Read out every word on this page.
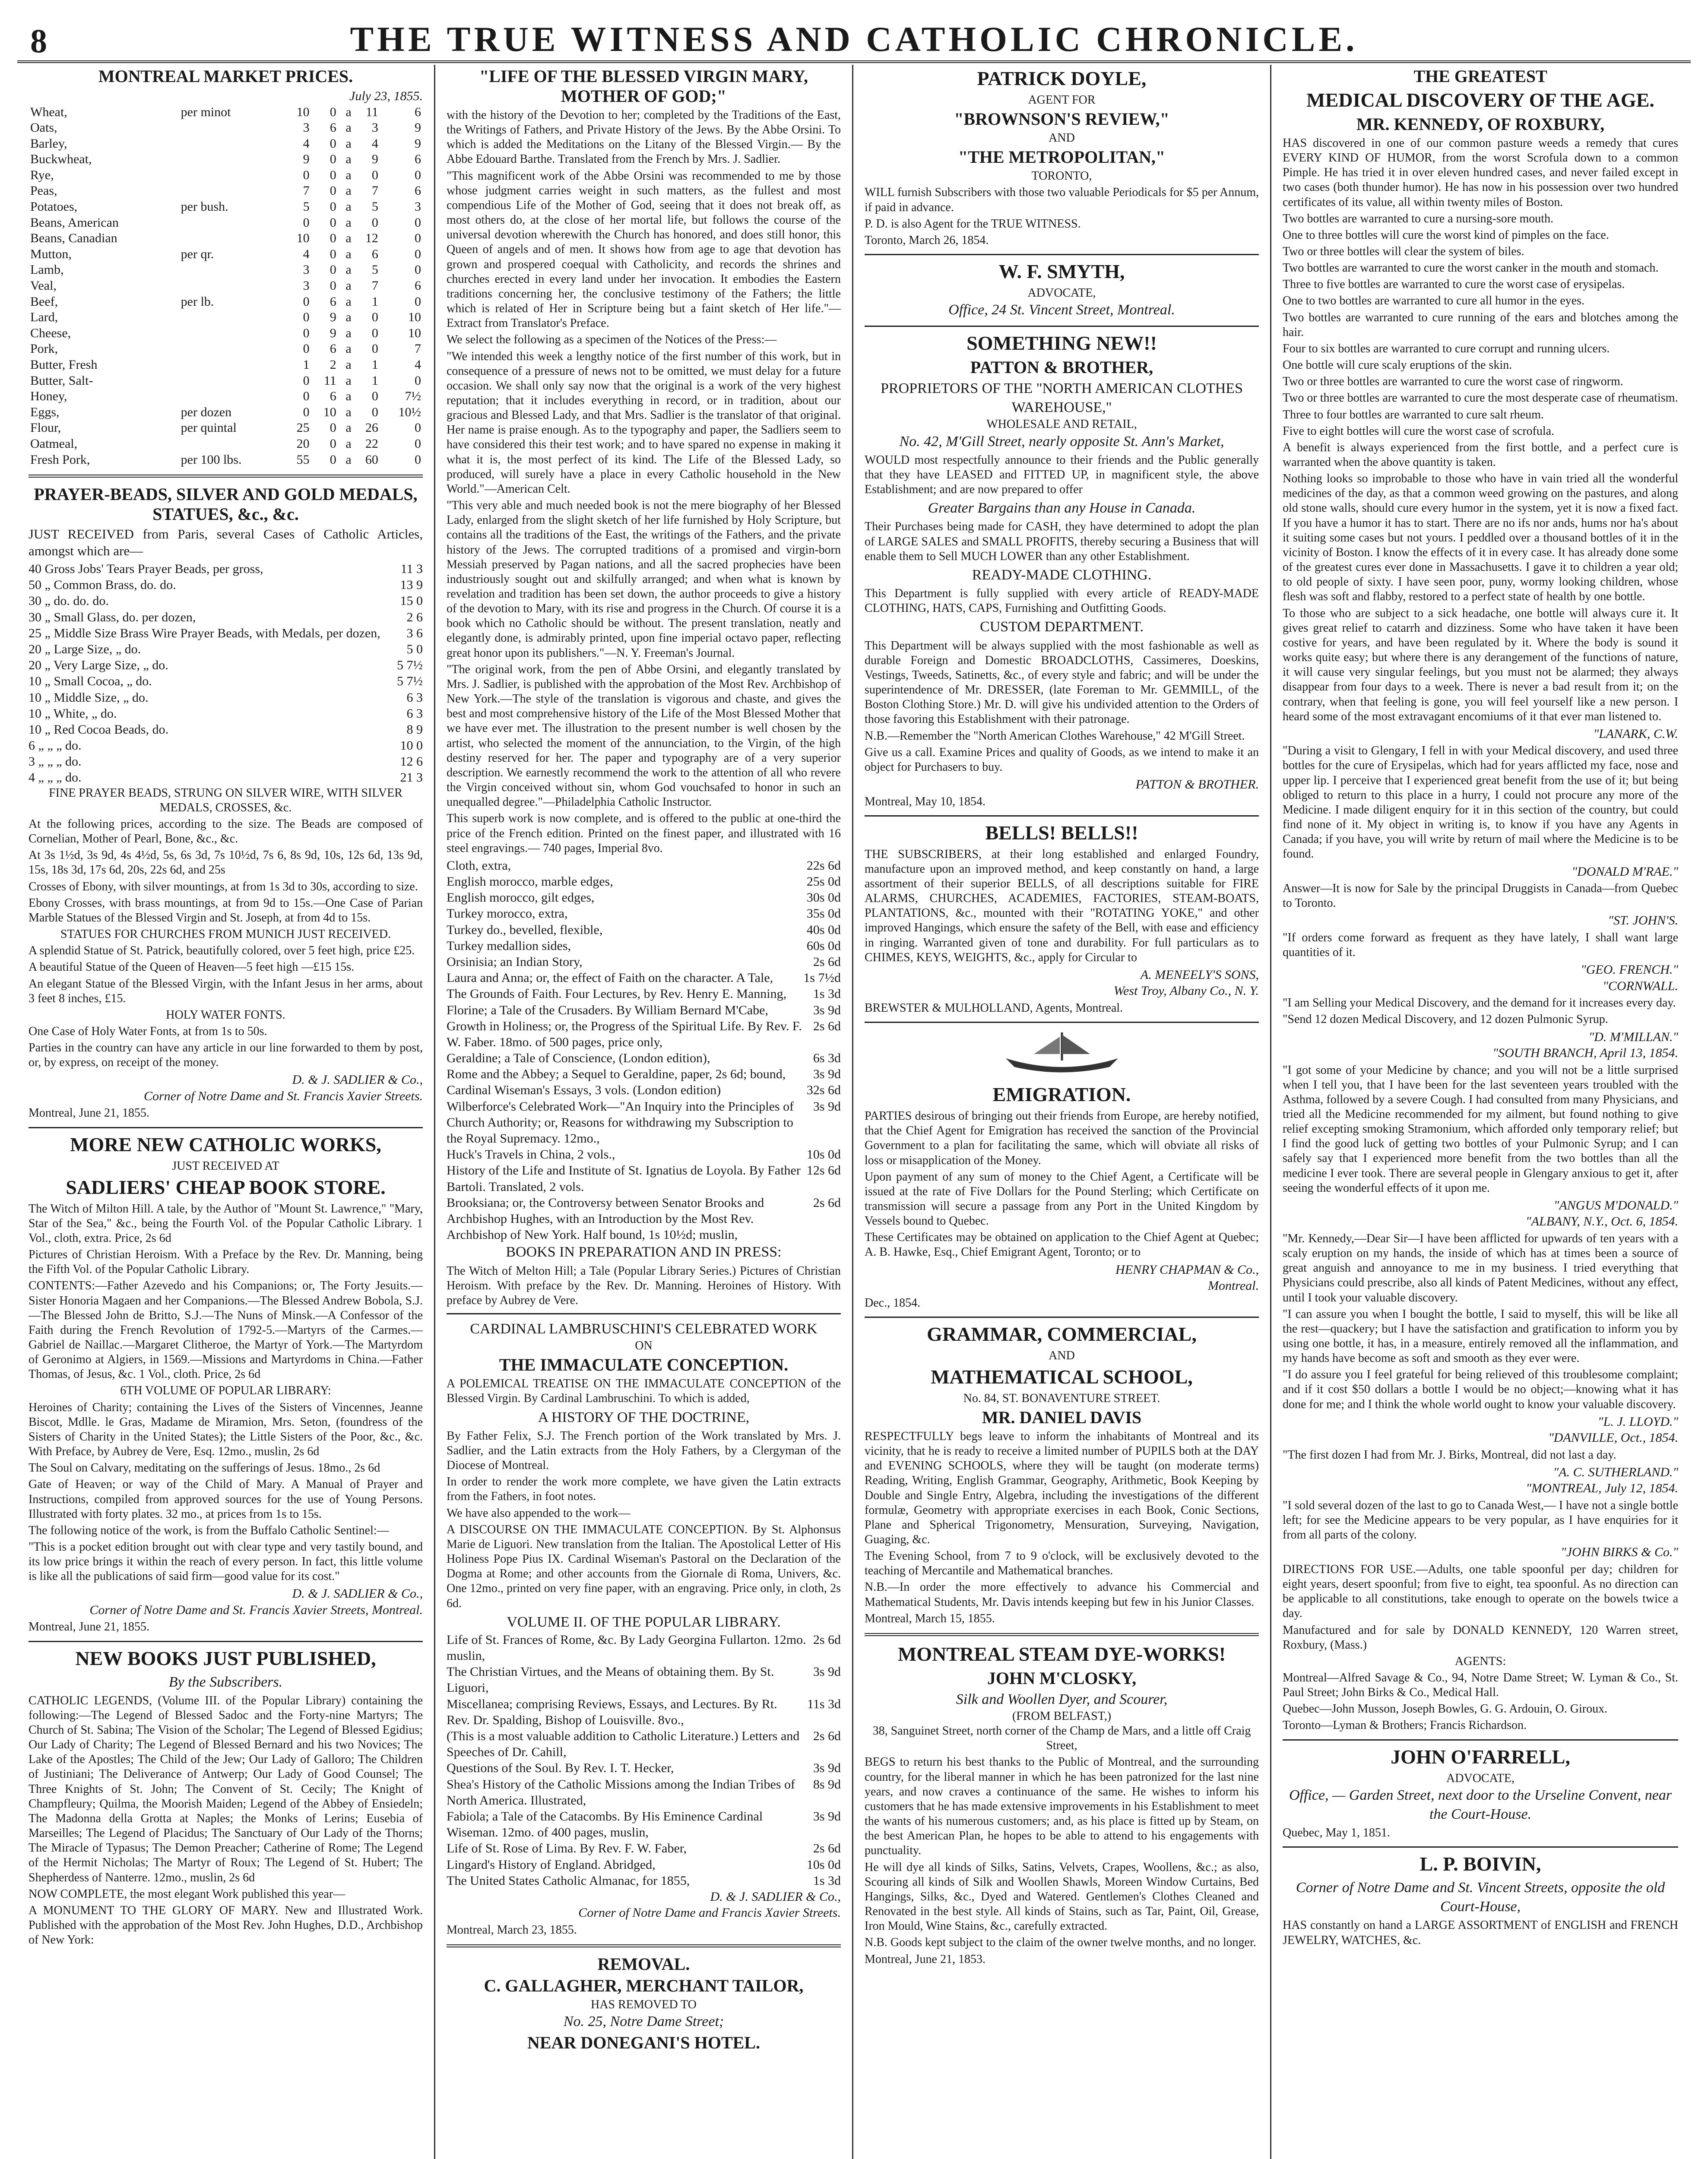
8	THE TRUE WITNESS AND CATHOLIC CHRONICLE.
MONTREAL MARKET PRICES.
July 23, 1855.
Wheat,	per minot	10	0	a	11	6
Oats,		3	6	a	3	9
Barley,		4	0	a	4	9
Buckwheat,		9	0	a	9	6
Rye,		0	0	a	0	0
Peas,		7	0	a	7	6
Potatoes,	per bush.	5	0	a	5	3
Beans, American		0	0	a	0	0
Beans, Canadian		10	0	a	12	0
Mutton,	per qr.	4	0	a	6	0
Lamb,		3	0	a	5	0
Veal,		3	0	a	7	6
Beef,	per lb.	0	6	a	1	0
Lard,		0	9	a	0	10
Cheese,		0	9	a	0	10
Pork,		0	6	a	0	7
Butter, Fresh		1	2	a	1	4
Butter, Salt-		0	11	a	1	0
Honey,		0	6	a	0	7½
Eggs,	per dozen	0	10	a	0	10½
Flour,	per quintal	25	0	a	26	0
Oatmeal,		20	0	a	22	0
Fresh Pork,	per 100 lbs.	55	0	a	60	0
PRAYER-BEADS, SILVER AND GOLD MEDALS, STATUES, &c., &c.
JUST RECEIVED from Paris, several Cases of Catholic Articles, amongst which are—
40 Gross Jobs' Tears Prayer Beads, per gross,	11 3
50 „ Common Brass, do. do.	13 9
30 „ do. do. do.	15 0
30 „ Small Glass, do. per dozen,	2 6
25 „ Middle Size Brass Wire Prayer Beads, with Medals, per dozen,	3 6
20 „ Large Size, „ do.	5 0
20 „ Very Large Size, „ do.	5 7½
10 „ Small Cocoa, „ do.	5 7½
10 „ Middle Size, „ do.	6 3
10 „ White, „ do.	6 3
10 „ Red Cocoa Beads, do.	8 9
6 „ „ „ do.	10 0
3 „ „ „ do.	12 6
4 „ „ „ do.	21 3
FINE PRAYER BEADS, STRUNG ON SILVER WIRE, WITH SILVER MEDALS, CROSSES, &c.
At the following prices, according to the size. The Beads are composed of Cornelian, Mother of Pearl, Bone, &c., &c.
At 3s 1½d, 3s 9d, 4s 4½d, 5s, 6s 3d, 7s 10½d, 7s 6, 8s 9d, 10s, 12s 6d, 13s 9d, 15s, 18s 3d, 17s 6d, 20s, 22s 6d, and 25s
Crosses of Ebony, with silver mountings, at from 1s 3d to 30s, according to size.
Ebony Crosses, with brass mountings, at from 9d to 15s.—One Case of Parian Marble Statues of the Blessed Virgin and St. Joseph, at from 4d to 15s.
STATUES FOR CHURCHES FROM MUNICH JUST RECEIVED.
A splendid Statue of St. Patrick, beautifully colored, over 5 feet high, price £25.
A beautiful Statue of the Queen of Heaven—5 feet high —£15 15s.
An elegant Statue of the Blessed Virgin, with the Infant Jesus in her arms, about 3 feet 8 inches, £15.
HOLY WATER FONTS.
One Case of Holy Water Fonts, at from 1s to 50s.
Parties in the country can have any article in our line forwarded to them by post, or, by express, on receipt of the money.
D. & J. SADLIER & Co.,
Corner of Notre Dame and St. Francis Xavier Streets.
Montreal, June 21, 1855.
MORE NEW CATHOLIC WORKS,
JUST RECEIVED AT
SADLIERS' CHEAP BOOK STORE.
The Witch of Milton Hill. A tale, by the Author of "Mount St. Lawrence," "Mary, Star of the Sea," &c., being the Fourth Vol. of the Popular Catholic Library. 1 Vol., cloth, extra. Price, 2s 6d
Pictures of Christian Heroism. With a Preface by the Rev. Dr. Manning, being the Fifth Vol. of the Popular Catholic Library.
CONTENTS:—Father Azevedo and his Companions; or, The Forty Jesuits.—Sister Honoria Magaen and her Companions.—The Blessed Andrew Bobola, S.J.—The Blessed John de Britto, S.J.—The Nuns of Minsk.—A Confessor of the Faith during the French Revolution of 1792-5.—Martyrs of the Carmes.—Gabriel de Naillac.—Margaret Clitheroe, the Martyr of York.—The Martyrdom of Geronimo at Algiers, in 1569.—Missions and Martyrdoms in China.—Father Thomas, of Jesus, &c. 1 Vol., cloth. Price, 2s 6d
6TH VOLUME OF POPULAR LIBRARY:
Heroines of Charity; containing the Lives of the Sisters of Vincennes, Jeanne Biscot, Mdlle. le Gras, Madame de Miramion, Mrs. Seton, (foundress of the Sisters of Charity in the United States); the Little Sisters of the Poor, &c., &c. With Preface, by Aubrey de Vere, Esq. 12mo., muslin, 2s 6d
The Soul on Calvary, meditating on the sufferings of Jesus. 18mo., 2s 6d
Gate of Heaven; or way of the Child of Mary. A Manual of Prayer and Instructions, compiled from approved sources for the use of Young Persons. Illustrated with forty plates. 32 mo., at prices from 1s to 15s.
The following notice of the work, is from the Buffalo Catholic Sentinel:—
"This is a pocket edition brought out with clear type and very tastily bound, and its low price brings it within the reach of every person. In fact, this little volume is like all the publications of said firm—good value for its cost."
D. & J. SADLIER & Co.,
Corner of Notre Dame and St. Francis Xavier Streets, Montreal.
Montreal, June 21, 1855.
NEW BOOKS JUST PUBLISHED,
By the Subscribers.
CATHOLIC LEGENDS, (Volume III. of the Popular Library) containing the following:—The Legend of Blessed Sadoc and the Forty-nine Martyrs; The Church of St. Sabina; The Vision of the Scholar; The Legend of Blessed Egidius; Our Lady of Charity; The Legend of Blessed Bernard and his two Novices; The Lake of the Apostles; The Child of the Jew; Our Lady of Galloro; The Children of Justiniani; The Deliverance of Antwerp; Our Lady of Good Counsel; The Three Knights of St. John; The Convent of St. Cecily; The Knight of Champfleury; Quilma, the Moorish Maiden; Legend of the Abbey of Ensiedeln; The Madonna della Grotta at Naples; the Monks of Lerins; Eusebia of Marseilles; The Legend of Placidus; The Sanctuary of Our Lady of the Thorns; The Miracle of Typasus; The Demon Preacher; Catherine of Rome; The Legend of the Hermit Nicholas; The Martyr of Roux; The Legend of St. Hubert; The Shepherdess of Nanterre. 12mo., muslin, 2s 6d
NOW COMPLETE, the most elegant Work published this year—
A MONUMENT TO THE GLORY OF MARY. New and Illustrated Work. Published with the approbation of the Most Rev. John Hughes, D.D., Archbishop of New York:
"LIFE OF THE BLESSED VIRGIN MARY, MOTHER OF GOD;"
with the history of the Devotion to her; completed by the Traditions of the East, the Writings of Fathers, and Private History of the Jews. By the Abbe Orsini. To which is added the Meditations on the Litany of the Blessed Virgin.— By the Abbe Edouard Barthe. Translated from the French by Mrs. J. Sadlier.
"This magnificent work of the Abbe Orsini was recommended to me by those whose judgment carries weight in such matters, as the fullest and most compendious Life of the Mother of God, seeing that it does not break off, as most others do, at the close of her mortal life, but follows the course of the universal devotion wherewith the Church has honored, and does still honor, this Queen of angels and of men. It shows how from age to age that devotion has grown and prospered coequal with Catholicity, and records the shrines and churches erected in every land under her invocation. It embodies the Eastern traditions concerning her, the conclusive testimony of the Fathers; the little which is related of Her in Scripture being but a faint sketch of Her life."—Extract from Translator's Preface.
We select the following as a specimen of the Notices of the Press:—
"We intended this week a lengthy notice of the first number of this work, but in consequence of a pressure of news not to be omitted, we must delay for a future occasion. We shall only say now that the original is a work of the very highest reputation; that it includes everything in record, or in tradition, about our gracious and Blessed Lady, and that Mrs. Sadlier is the translator of that original. Her name is praise enough. As to the typography and paper, the Sadliers seem to have considered this their test work; and to have spared no expense in making it what it is, the most perfect of its kind. The Life of the Blessed Lady, so produced, will surely have a place in every Catholic household in the New World."—American Celt.
"This very able and much needed book is not the mere biography of her Blessed Lady, enlarged from the slight sketch of her life furnished by Holy Scripture, but contains all the traditions of the East, the writings of the Fathers, and the private history of the Jews. The corrupted traditions of a promised and virgin-born Messiah preserved by Pagan nations, and all the sacred prophecies have been industriously sought out and skilfully arranged; and when what is known by revelation and tradition has been set down, the author proceeds to give a history of the devotion to Mary, with its rise and progress in the Church. Of course it is a book which no Catholic should be without. The present translation, neatly and elegantly done, is admirably printed, upon fine imperial octavo paper, reflecting great honor upon its publishers."—N. Y. Freeman's Journal.
"The original work, from the pen of Abbe Orsini, and elegantly translated by Mrs. J. Sadlier, is published with the approbation of the Most Rev. Archbishop of New York.—The style of the translation is vigorous and chaste, and gives the best and most comprehensive history of the Life of the Most Blessed Mother that we have ever met. The illustration to the present number is well chosen by the artist, who selected the moment of the annunciation, to the Virgin, of the high destiny reserved for her. The paper and typography are of a very superior description. We earnestly recommend the work to the attention of all who revere the Virgin conceived without sin, whom God vouchsafed to honor in such an unequalled degree."—Philadelphia Catholic Instructor.
This superb work is now complete, and is offered to the public at one-third the price of the French edition. Printed on the finest paper, and illustrated with 16 steel engravings.— 740 pages, Imperial 8vo.
Cloth, extra,	22s 6d
English morocco, marble edges,	25s 0d
English morocco, gilt edges,	30s 0d
Turkey morocco, extra,	35s 0d
Turkey do., bevelled, flexible,	40s 0d
Turkey medallion sides,	60s 0d
Orsinisia; an Indian Story,	2s 6d
Laura and Anna; or, the effect of Faith on the character. A Tale,	1s 7½d
The Grounds of Faith. Four Lectures, by Rev. Henry E. Manning,	1s 3d
Florine; a Tale of the Crusaders. By William Bernard M'Cabe,	3s 9d
Growth in Holiness; or, the Progress of the Spiritual Life. By Rev. F. W. Faber. 18mo. of 500 pages, price only,
2s 6d
Geraldine; a Tale of Conscience, (London edition),	6s 3d
Rome and the Abbey; a Sequel to Geraldine, paper, 2s 6d; bound,	3s 9d
Cardinal Wiseman's Essays, 3 vols. (London edition)	32s 6d
Wilberforce's Celebrated Work—"An Inquiry into the Principles of Church Authority; or, Reasons for withdrawing my Subscription to the Royal Supremacy. 12mo.,
3s 9d
Huck's Travels in China, 2 vols.,	10s 0d
History of the Life and Institute of St. Ignatius de Loyola. By Father Bartoli. Translated, 2 vols.
12s 6d
Brooksiana; or, the Controversy between Senator Brooks and Archbishop Hughes, with an Introduction by the Most Rev. Archbishop of New York. Half bound, 1s 10½d; muslin,
2s 6d
BOOKS IN PREPARATION AND IN PRESS:
The Witch of Melton Hill; a Tale (Popular Library Series.) Pictures of Christian Heroism. With preface by the Rev. Dr. Manning. Heroines of History. With preface by Aubrey de Vere.
CARDINAL LAMBRUSCHINI'S CELEBRATED WORK
ON
THE IMMACULATE CONCEPTION.
A POLEMICAL TREATISE ON THE IMMACULATE CONCEPTION of the Blessed Virgin. By Cardinal Lambruschini. To which is added,
A HISTORY OF THE DOCTRINE,
By Father Felix, S.J. The French portion of the Work translated by Mrs. J. Sadlier, and the Latin extracts from the Holy Fathers, by a Clergyman of the Diocese of Montreal.
In order to render the work more complete, we have given the Latin extracts from the Fathers, in foot notes.
We have also appended to the work—
A DISCOURSE ON THE IMMACULATE CONCEPTION. By St. Alphonsus Marie de Liguori. New translation from the Italian. The Apostolical Letter of His Holiness Pope Pius IX. Cardinal Wiseman's Pastoral on the Declaration of the Dogma at Rome; and other accounts from the Giornale di Roma, Univers, &c. One 12mo., printed on very fine paper, with an engraving. Price only, in cloth, 2s 6d.
VOLUME II. OF THE POPULAR LIBRARY.
Life of St. Frances of Rome, &c. By Lady Georgina Fullarton. 12mo. muslin,
2s 6d
The Christian Virtues, and the Means of obtaining them. By St. Liguori,
3s 9d
Miscellanea; comprising Reviews, Essays, and Lectures. By Rt. Rev. Dr. Spalding, Bishop of Louisville. 8vo.,
11s 3d
(This is a most valuable addition to Catholic Literature.) Letters and Speeches of Dr. Cahill,
2s 6d
Questions of the Soul. By Rev. I. T. Hecker,	3s 9d
Shea's History of the Catholic Missions among the Indian Tribes of North America. Illustrated,
8s 9d
Fabiola; a Tale of the Catacombs. By His Eminence Cardinal Wiseman. 12mo. of 400 pages, muslin,
3s 9d
Life of St. Rose of Lima. By Rev. F. W. Faber,	2s 6d
Lingard's History of England. Abridged,	10s 0d
The United States Catholic Almanac, for 1855,	1s 3d
D. & J. SADLIER & Co.,
Corner of Notre Dame and Francis Xavier Streets.
Montreal, March 23, 1855.
REMOVAL.
C. GALLAGHER, MERCHANT TAILOR,
HAS REMOVED TO
No. 25, Notre Dame Street;
NEAR DONEGANI'S HOTEL.
PATRICK DOYLE,
AGENT FOR
"BROWNSON'S REVIEW,"
AND
"THE METROPOLITAN,"
TORONTO,
WILL furnish Subscribers with those two valuable Periodicals for $5 per Annum, if paid in advance.
P. D. is also Agent for the TRUE WITNESS.
Toronto, March 26, 1854.
W. F. SMYTH,
ADVOCATE,
Office, 24 St. Vincent Street, Montreal.
SOMETHING NEW!!
PATTON & BROTHER,
PROPRIETORS OF THE "NORTH AMERICAN CLOTHES WAREHOUSE,"
WHOLESALE AND RETAIL,
No. 42, M'Gill Street, nearly opposite St. Ann's Market,
WOULD most respectfully announce to their friends and the Public generally that they have LEASED and FITTED UP, in magnificent style, the above Establishment; and are now prepared to offer
Greater Bargains than any House in Canada.
Their Purchases being made for CASH, they have determined to adopt the plan of LARGE SALES and SMALL PROFITS, thereby securing a Business that will enable them to Sell MUCH LOWER than any other Establishment.
READY-MADE CLOTHING.
This Department is fully supplied with every article of READY-MADE CLOTHING, HATS, CAPS, Furnishing and Outfitting Goods.
CUSTOM DEPARTMENT.
This Department will be always supplied with the most fashionable as well as durable Foreign and Domestic BROADCLOTHS, Cassimeres, Doeskins, Vestings, Tweeds, Satinetts, &c., of every style and fabric; and will be under the superintendence of Mr. DRESSER, (late Foreman to Mr. GEMMILL, of the Boston Clothing Store.) Mr. D. will give his undivided attention to the Orders of those favoring this Establishment with their patronage.
N.B.—Remember the "North American Clothes Warehouse," 42 M'Gill Street.
Give us a call. Examine Prices and quality of Goods, as we intend to make it an object for Purchasers to buy.
PATTON & BROTHER.
Montreal, May 10, 1854.
BELLS! BELLS!!
THE SUBSCRIBERS, at their long established and enlarged Foundry, manufacture upon an improved method, and keep constantly on hand, a large assortment of their superior BELLS, of all descriptions suitable for FIRE ALARMS, CHURCHES, ACADEMIES, FACTORIES, STEAM-BOATS, PLANTATIONS, &c., mounted with their "ROTATING YOKE," and other improved Hangings, which ensure the safety of the Bell, with ease and efficiency in ringing. Warranted given of tone and durability. For full particulars as to CHIMES, KEYS, WEIGHTS, &c., apply for Circular to
A. MENEELY'S SONS,
West Troy, Albany Co., N. Y.
BREWSTER & MULHOLLAND, Agents, Montreal.
EMIGRATION.
PARTIES desirous of bringing out their friends from Europe, are hereby notified, that the Chief Agent for Emigration has received the sanction of the Provincial Government to a plan for facilitating the same, which will obviate all risks of loss or misapplication of the Money.
Upon payment of any sum of money to the Chief Agent, a Certificate will be issued at the rate of Five Dollars for the Pound Sterling; which Certificate on transmission will secure a passage from any Port in the United Kingdom by Vessels bound to Quebec.
These Certificates may be obtained on application to the Chief Agent at Quebec; A. B. Hawke, Esq., Chief Emigrant Agent, Toronto; or to
HENRY CHAPMAN & Co.,
Montreal.
Dec., 1854.
GRAMMAR, COMMERCIAL,
AND
MATHEMATICAL SCHOOL,
No. 84, ST. BONAVENTURE STREET.
MR. DANIEL DAVIS
RESPECTFULLY begs leave to inform the inhabitants of Montreal and its vicinity, that he is ready to receive a limited number of PUPILS both at the DAY and EVENING SCHOOLS, where they will be taught (on moderate terms) Reading, Writing, English Grammar, Geography, Arithmetic, Book Keeping by Double and Single Entry, Algebra, including the investigations of the different formulæ, Geometry with appropriate exercises in each Book, Conic Sections, Plane and Spherical Trigonometry, Mensuration, Surveying, Navigation, Guaging, &c.
The Evening School, from 7 to 9 o'clock, will be exclusively devoted to the teaching of Mercantile and Mathematical branches.
N.B.—In order the more effectively to advance his Commercial and Mathematical Students, Mr. Davis intends keeping but few in his Junior Classes.
Montreal, March 15, 1855.
MONTREAL STEAM DYE-WORKS!
JOHN M'CLOSKY,
Silk and Woollen Dyer, and Scourer,
(FROM BELFAST,)
38, Sanguinet Street, north corner of the Champ de Mars, and a little off Craig Street,
BEGS to return his best thanks to the Public of Montreal, and the surrounding country, for the liberal manner in which he has been patronized for the last nine years, and now craves a continuance of the same. He wishes to inform his customers that he has made extensive improvements in his Establishment to meet the wants of his numerous customers; and, as his place is fitted up by Steam, on the best American Plan, he hopes to be able to attend to his engagements with punctuality.
He will dye all kinds of Silks, Satins, Velvets, Crapes, Woollens, &c.; as also, Scouring all kinds of Silk and Woollen Shawls, Moreen Window Curtains, Bed Hangings, Silks, &c., Dyed and Watered. Gentlemen's Clothes Cleaned and Renovated in the best style. All kinds of Stains, such as Tar, Paint, Oil, Grease, Iron Mould, Wine Stains, &c., carefully extracted.
N.B. Goods kept subject to the claim of the owner twelve months, and no longer.
Montreal, June 21, 1853.
THE GREATEST
MEDICAL DISCOVERY OF THE AGE.
MR. KENNEDY, OF ROXBURY,
HAS discovered in one of our common pasture weeds a remedy that cures EVERY KIND OF HUMOR, from the worst Scrofula down to a common Pimple. He has tried it in over eleven hundred cases, and never failed except in two cases (both thunder humor). He has now in his possession over two hundred certificates of its value, all within twenty miles of Boston.
Two bottles are warranted to cure a nursing-sore mouth.
One to three bottles will cure the worst kind of pimples on the face.
Two or three bottles will clear the system of biles.
Two bottles are warranted to cure the worst canker in the mouth and stomach.
Three to five bottles are warranted to cure the worst case of erysipelas.
One to two bottles are warranted to cure all humor in the eyes.
Two bottles are warranted to cure running of the ears and blotches among the hair.
Four to six bottles are warranted to cure corrupt and running ulcers.
One bottle will cure scaly eruptions of the skin.
Two or three bottles are warranted to cure the worst case of ringworm.
Two or three bottles are warranted to cure the most desperate case of rheumatism.
Three to four bottles are warranted to cure salt rheum.
Five to eight bottles will cure the worst case of scrofula.
A benefit is always experienced from the first bottle, and a perfect cure is warranted when the above quantity is taken.
Nothing looks so improbable to those who have in vain tried all the wonderful medicines of the day, as that a common weed growing on the pastures, and along old stone walls, should cure every humor in the system, yet it is now a fixed fact. If you have a humor it has to start. There are no ifs nor ands, hums nor ha's about it suiting some cases but not yours. I peddled over a thousand bottles of it in the vicinity of Boston. I know the effects of it in every case. It has already done some of the greatest cures ever done in Massachusetts. I gave it to children a year old; to old people of sixty. I have seen poor, puny, wormy looking children, whose flesh was soft and flabby, restored to a perfect state of health by one bottle.
To those who are subject to a sick headache, one bottle will always cure it. It gives great relief to catarrh and dizziness. Some who have taken it have been costive for years, and have been regulated by it. Where the body is sound it works quite easy; but where there is any derangement of the functions of nature, it will cause very singular feelings, but you must not be alarmed; they always disappear from four days to a week. There is never a bad result from it; on the contrary, when that feeling is gone, you will feel yourself like a new person. I heard some of the most extravagant encomiums of it that ever man listened to.
"LANARK, C.W.
"During a visit to Glengary, I fell in with your Medical discovery, and used three bottles for the cure of Erysipelas, which had for years afflicted my face, nose and upper lip. I perceive that I experienced great benefit from the use of it; but being obliged to return to this place in a hurry, I could not procure any more of the Medicine. I made diligent enquiry for it in this section of the country, but could find none of it. My object in writing is, to know if you have any Agents in Canada; if you have, you will write by return of mail where the Medicine is to be found.
"DONALD M'RAE."
Answer—It is now for Sale by the principal Druggists in Canada—from Quebec to Toronto.
"ST. JOHN'S.
"If orders come forward as frequent as they have lately, I shall want large quantities of it.
"GEO. FRENCH."
"CORNWALL.
"I am Selling your Medical Discovery, and the demand for it increases every day.
"Send 12 dozen Medical Discovery, and 12 dozen Pulmonic Syrup.
"D. M'MILLAN."
"SOUTH BRANCH, April 13, 1854.
"I got some of your Medicine by chance; and you will not be a little surprised when I tell you, that I have been for the last seventeen years troubled with the Asthma, followed by a severe Cough. I had consulted from many Physicians, and tried all the Medicine recommended for my ailment, but found nothing to give relief excepting smoking Stramonium, which afforded only temporary relief; but I find the good luck of getting two bottles of your Pulmonic Syrup; and I can safely say that I experienced more benefit from the two bottles than all the medicine I ever took. There are several people in Glengary anxious to get it, after seeing the wonderful effects of it upon me.
"ANGUS M'DONALD."
"ALBANY, N.Y., Oct. 6, 1854.
"Mr. Kennedy,—Dear Sir—I have been afflicted for upwards of ten years with a scaly eruption on my hands, the inside of which has at times been a source of great anguish and annoyance to me in my business. I tried everything that Physicians could prescribe, also all kinds of Patent Medicines, without any effect, until I took your valuable discovery.
"I can assure you when I bought the bottle, I said to myself, this will be like all the rest—quackery; but I have the satisfaction and gratification to inform you by using one bottle, it has, in a measure, entirely removed all the inflammation, and my hands have become as soft and smooth as they ever were.
"I do assure you I feel grateful for being relieved of this troublesome complaint; and if it cost $50 dollars a bottle I would be no object;—knowing what it has done for me; and I think the whole world ought to know your valuable discovery.
"L. J. LLOYD."
"DANVILLE, Oct., 1854.
"The first dozen I had from Mr. J. Birks, Montreal, did not last a day.
"A. C. SUTHERLAND."
"MONTREAL, July 12, 1854.
"I sold several dozen of the last to go to Canada West,— I have not a single bottle left; for see the Medicine appears to be very popular, as I have enquiries for it from all parts of the colony.
"JOHN BIRKS & Co."
DIRECTIONS FOR USE.—Adults, one table spoonful per day; children for eight years, desert spoonful; from five to eight, tea spoonful. As no direction can be applicable to all constitutions, take enough to operate on the bowels twice a day.
Manufactured and for sale by DONALD KENNEDY, 120 Warren street, Roxbury, (Mass.)
AGENTS:
Montreal—Alfred Savage & Co., 94, Notre Dame Street; W. Lyman & Co., St. Paul Street; John Birks & Co., Medical Hall.
Quebec—John Musson, Joseph Bowles, G. G. Ardouin, O. Giroux.
Toronto—Lyman & Brothers; Francis Richardson.
JOHN O'FARRELL,
ADVOCATE,
Office, — Garden Street, next door to the Urseline Convent, near the Court-House.
Quebec, May 1, 1851.
L. P. BOIVIN,
Corner of Notre Dame and St. Vincent Streets, opposite the old Court-House,
HAS constantly on hand a LARGE ASSORTMENT of ENGLISH and FRENCH JEWELRY, WATCHES, &c.
